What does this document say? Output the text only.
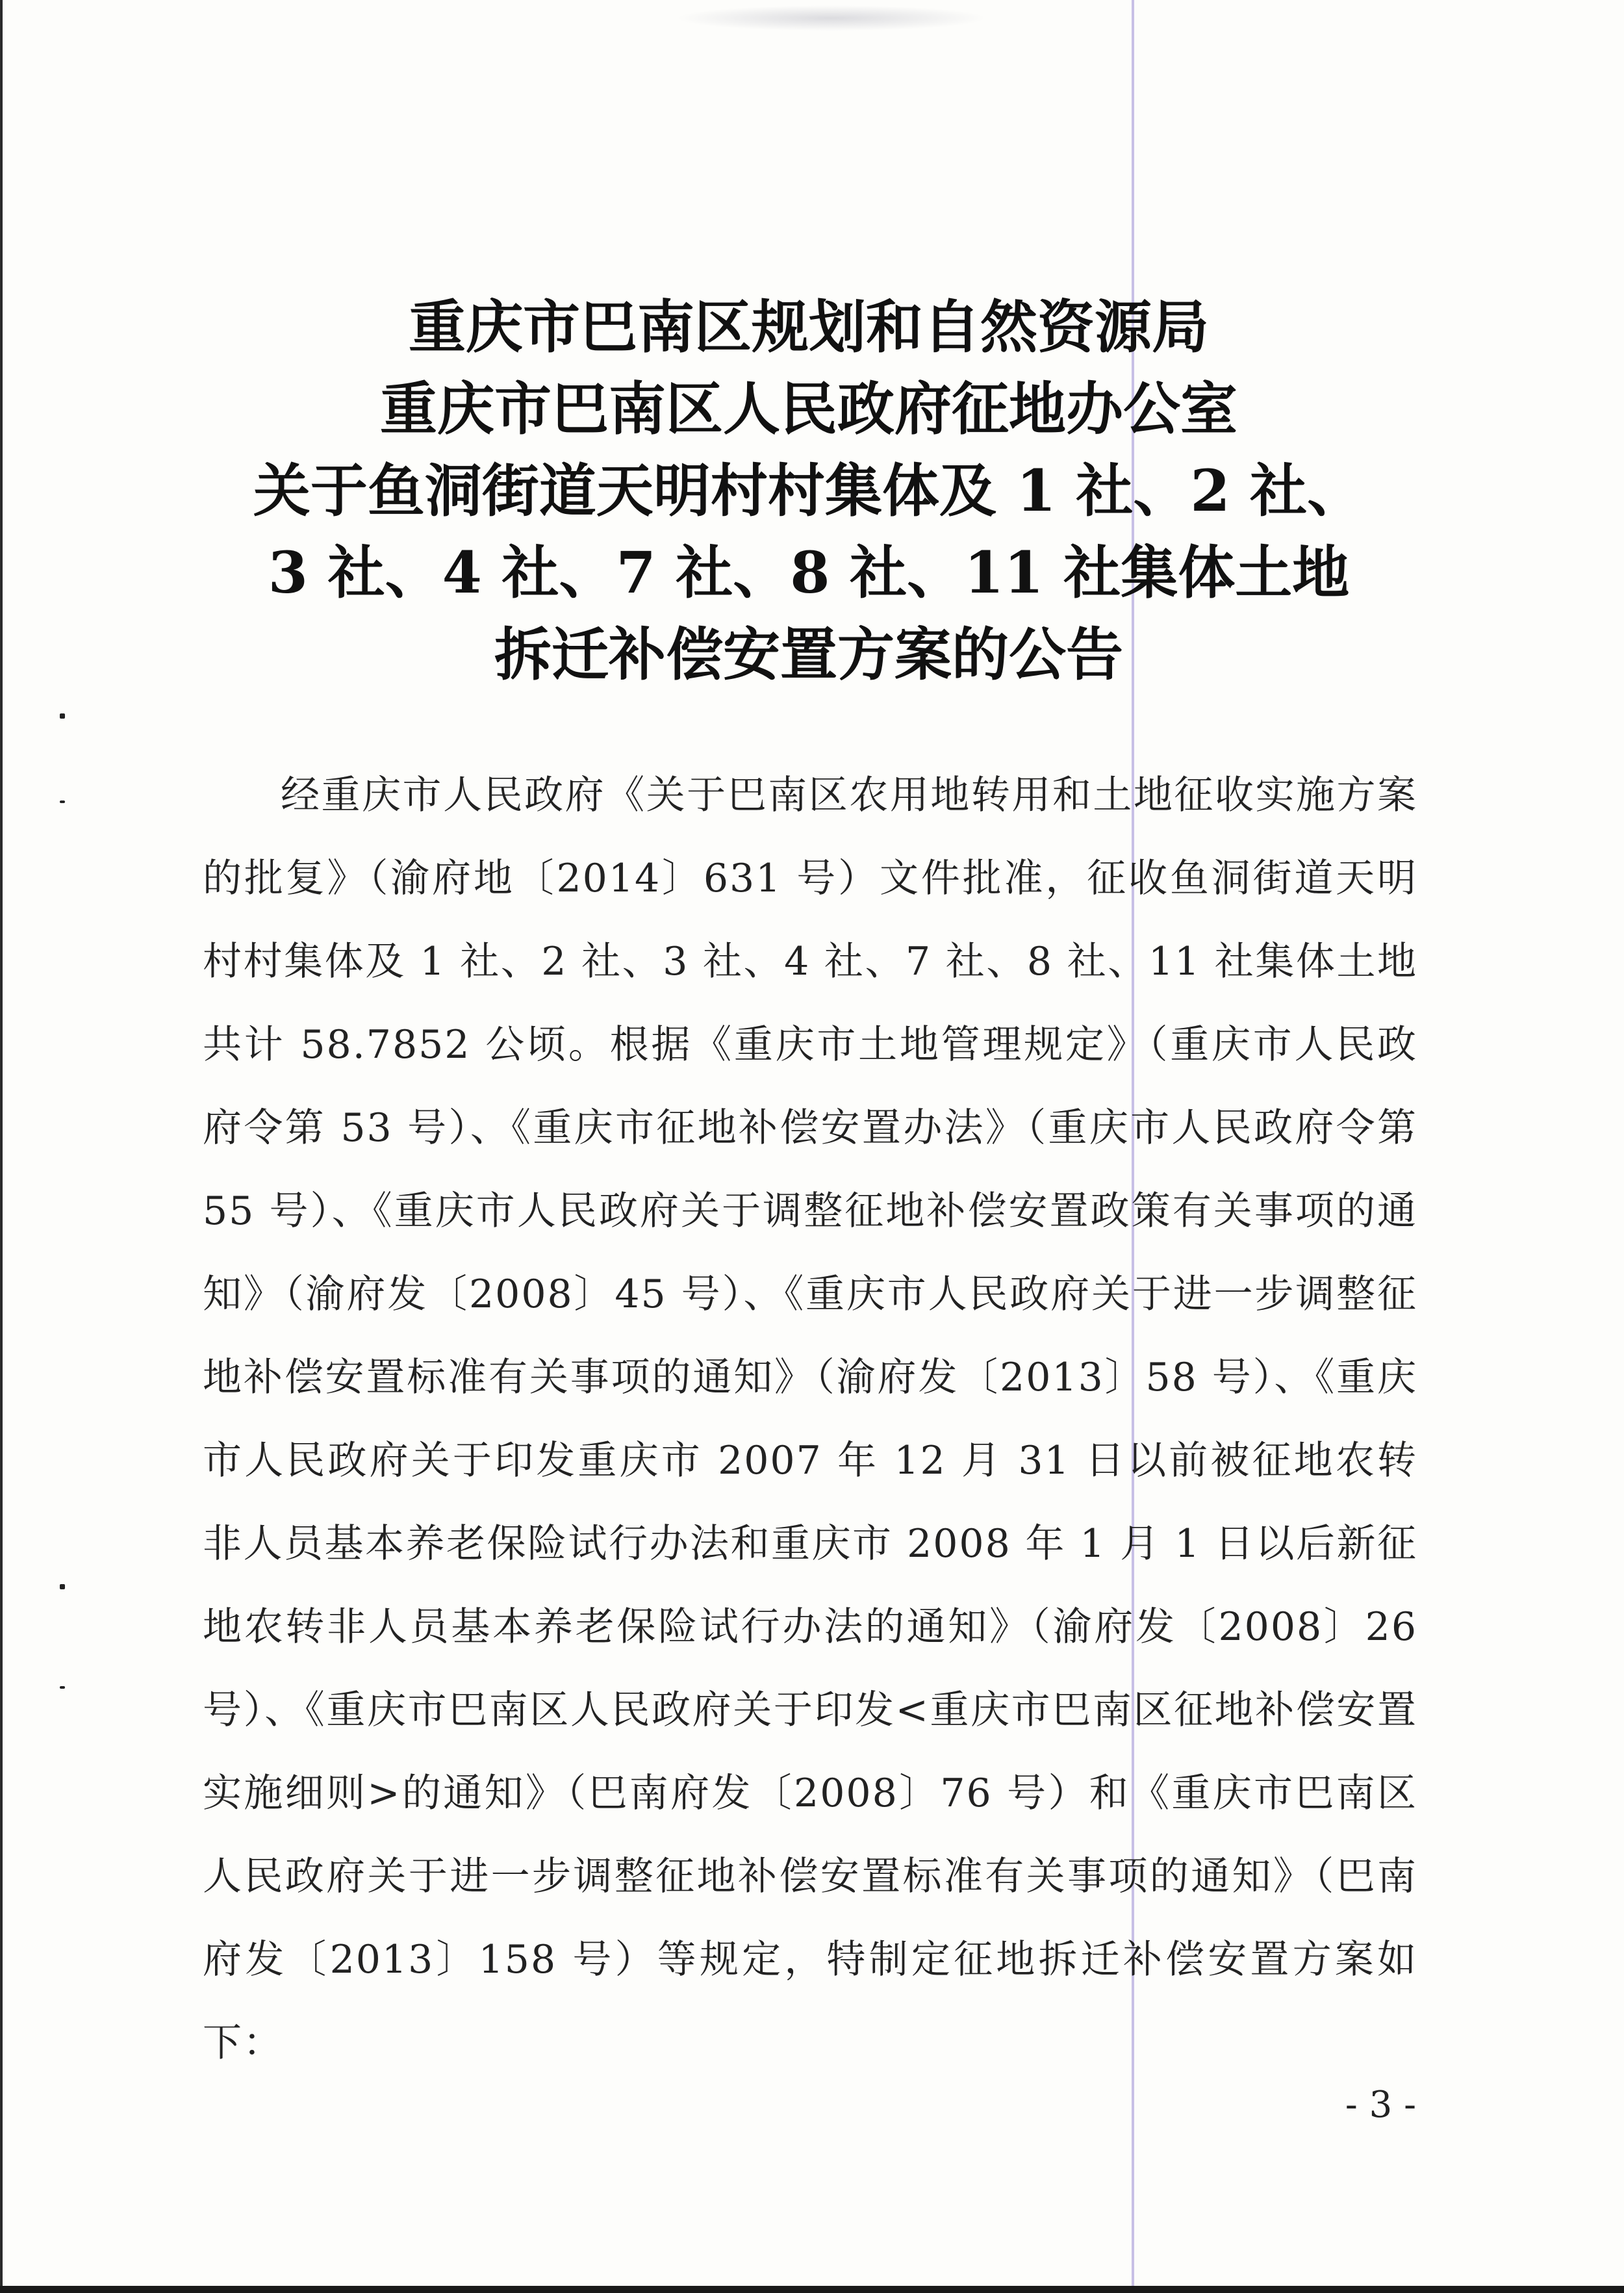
重庆市巴南区规划和自然资源局
重庆市巴南区人民政府征地办公室
关于鱼洞街道天明村村集体及 1 社、2 社、
3 社、4 社、7 社、8 社、11 社集体土地
拆迁补偿安置方案的公告

经重庆市人民政府《关于巴南区农用地转用和土地征收实施方案的批复》（渝府地〔2014〕631 号）文件批准，征收鱼洞街道天明村村集体及 1 社、2 社、3 社、4 社、7 社、8 社、11 社集体土地共计 58.7852 公顷。根据《重庆市土地管理规定》（重庆市人民政府令第 53 号）、《重庆市征地补偿安置办法》（重庆市人民政府令第 55 号）、《重庆市人民政府关于调整征地补偿安置政策有关事项的通知》（渝府发〔2008〕45 号）、《重庆市人民政府关于进一步调整征地补偿安置标准有关事项的通知》（渝府发〔2013〕58 号）、《重庆市人民政府关于印发重庆市 2007 年 12 月 31 日以前被征地农转非人员基本养老保险试行办法和重庆市 2008 年 1 月 1 日以后新征地农转非人员基本养老保险试行办法的通知》（渝府发〔2008〕26 号）、《重庆市巴南区人民政府关于印发<重庆市巴南区征地补偿安置实施细则>的通知》（巴南府发〔2008〕76 号）和《重庆市巴南区人民政府关于进一步调整征地补偿安置标准有关事项的通知》（巴南府发〔2013〕158 号）等规定，特制定征地拆迁补偿安置方案如下：

- 3 -
